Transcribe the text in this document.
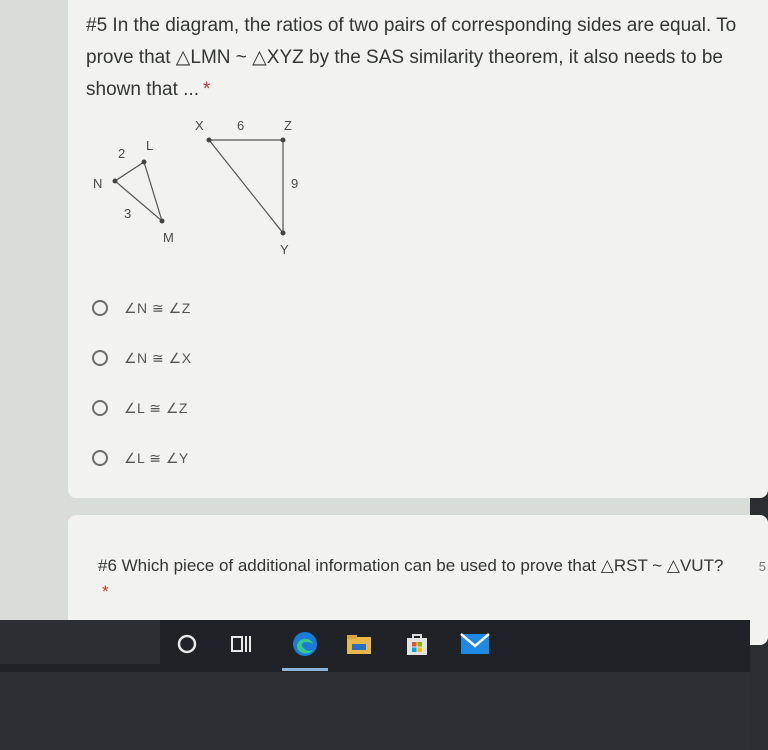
#5 In the diagram, the ratios of two pairs of corresponding sides are equal. To prove that △LMN ~ △XYZ by the SAS similarity theorem, it also needs to be shown that ... *
L
M
N
2
3
X
Y
Z
6
9
∠N ≅ ∠Z
∠N ≅ ∠X
∠L ≅ ∠Z
∠L ≅ ∠Y
#6 Which piece of additional information can be used to prove that △RST ~ △VUT?*
5
